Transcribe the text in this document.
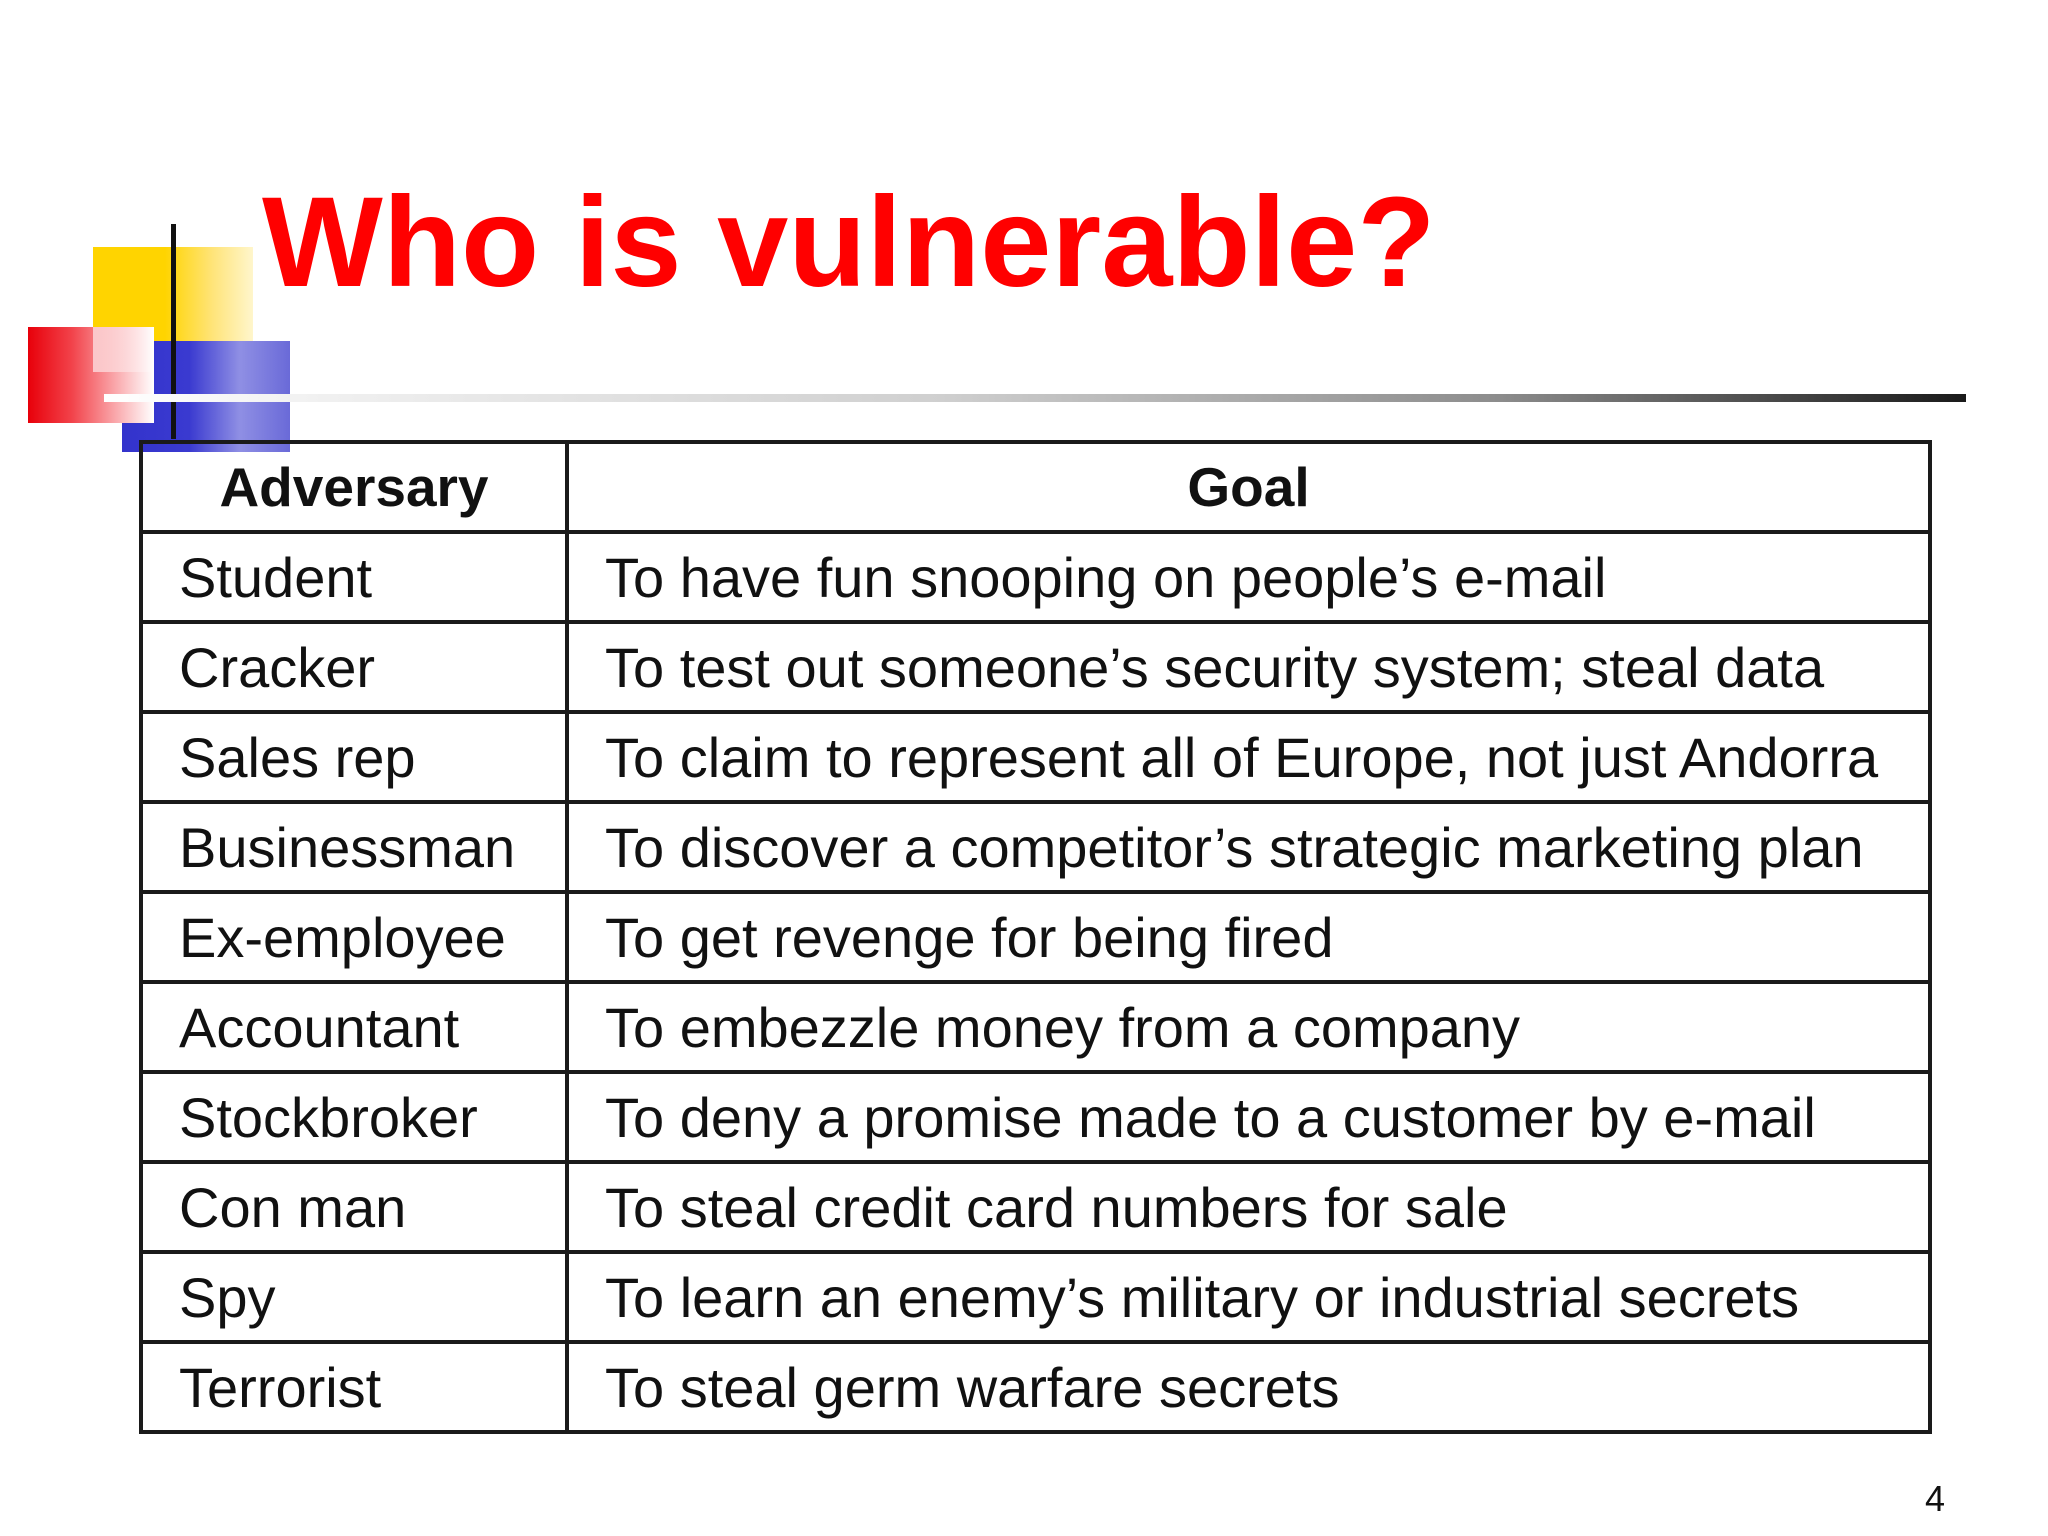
Who is vulnerable?
Adversary	Goal
Student	To have fun snooping on people’s e-mail
Cracker	To test out someone’s security system; steal data
Sales rep	To claim to represent all of Europe, not just Andorra
Businessman	To discover a competitor’s strategic marketing plan
Ex-employee	To get revenge for being fired
Accountant	To embezzle money from a company
Stockbroker	To deny a promise made to a customer by e-mail
Con man	To steal credit card numbers for sale
Spy	To learn an enemy’s military or industrial secrets
Terrorist	To steal germ warfare secrets
4
